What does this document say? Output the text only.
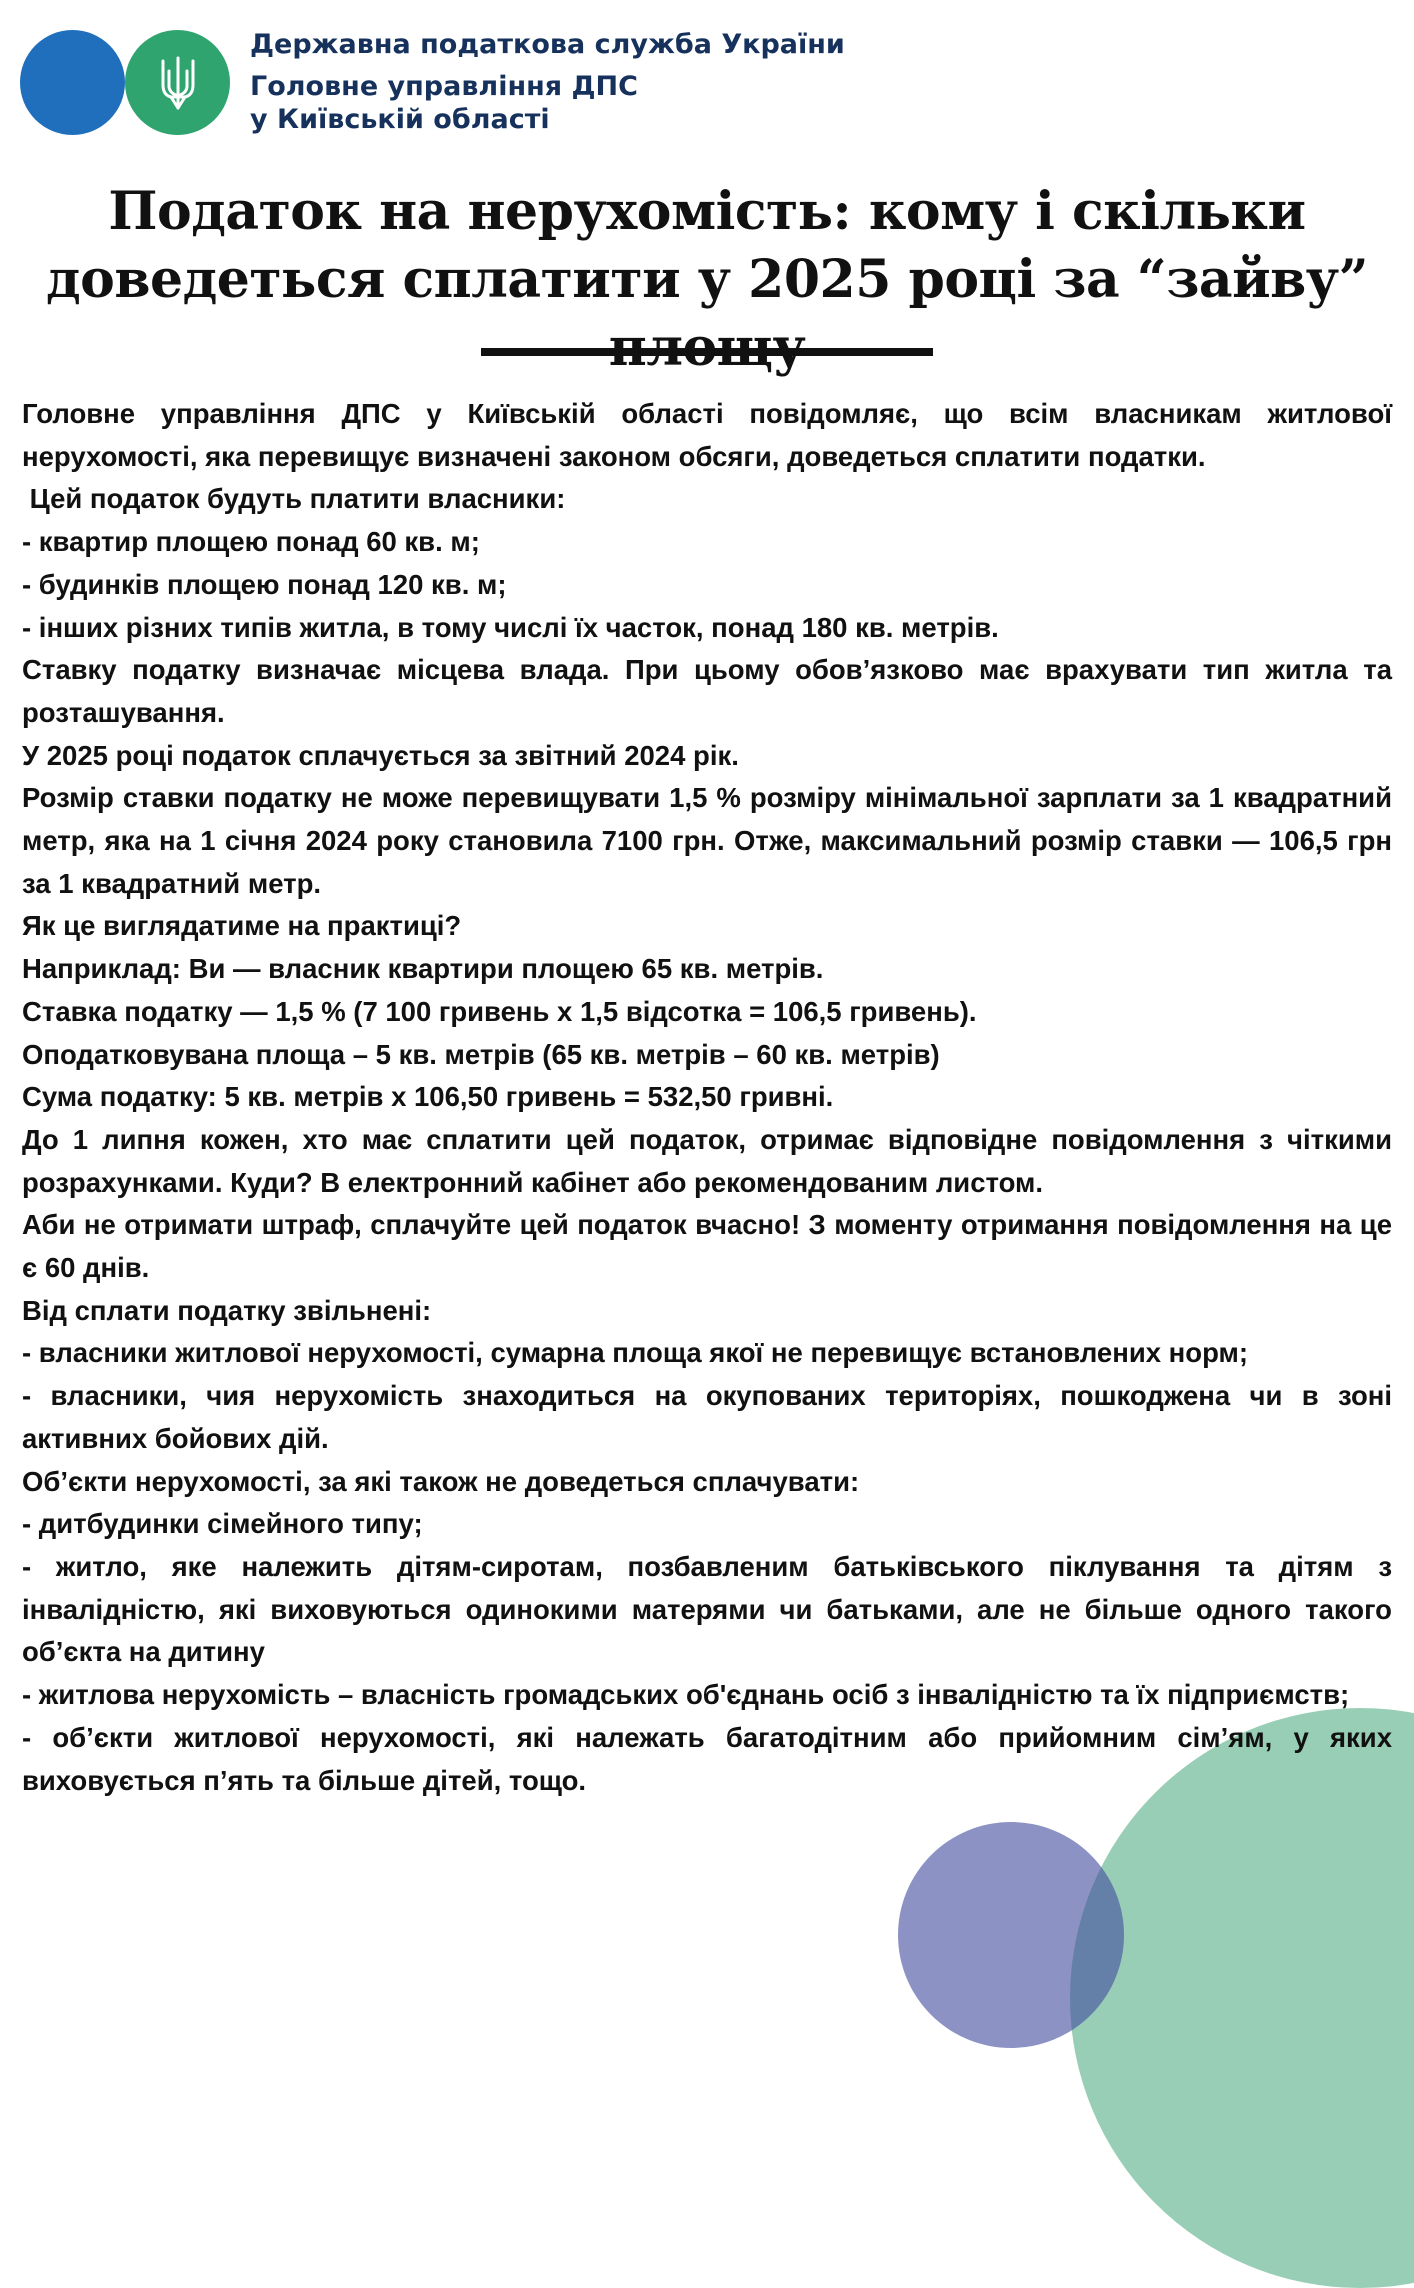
Державна податкова служба України
Головне управління ДПС
у Київській області
Податок на нерухомість: кому і скільки
доведеться сплатити у 2025 році за “зайву”

Головне управління ДПС у Київській області повідомляє, що всім власникам житлової нерухомості, яка перевищує визначені законом обсяги, доведеться сплатити податки.

Цей податок будуть платити власники:

- квартир площею понад 60 кв. м;

- будинків площею понад 120 кв. м;

- інших різних типів житла, в тому числі їх часток, понад 180 кв. метрів.

Ставку податку визначає місцева влада. При цьому обов’язково має врахувати тип житла та розташування.

У 2025 році податок сплачується за звітний 2024 рік.

Розмір ставки податку не може перевищувати 1,5 % розміру мінімальної зарплати за 1 квадратний метр, яка на 1 січня 2024 року становила 7100 грн. Отже, максимальний розмір ставки — 106,5 грн за 1 квадратний метр.

Як це виглядатиме на практиці?

Наприклад: Ви — власник квартири площею 65 кв. метрів.

Ставка податку — 1,5 % (7 100 гривень х 1,5 відсотка = 106,5 гривень).

Оподатковувана площа – 5 кв. метрів (65 кв. метрів – 60 кв. метрів)

Сума податку: 5 кв. метрів х 106,50 гривень = 532,50 гривні.

До 1 липня кожен, хто має сплатити цей податок, отримає відповідне повідомлення з чіткими розрахунками. Куди? В електронний кабінет або рекомендованим листом.

Аби не отримати штраф, сплачуйте цей податок вчасно! З моменту отримання повідомлення на це є 60 днів.

Від сплати податку звільнені:

- власники житлової нерухомості, сумарна площа якої не перевищує встановлених норм;

- власники, чия нерухомість знаходиться на окупованих територіях, пошкоджена чи в зоні активних бойових дій.

Об’єкти нерухомості, за які також не доведеться сплачувати:

- дитбудинки сімейного типу;

- житло, яке належить дітям-сиротам, позбавленим батьківського піклування та дітям з інвалідністю, які виховуються одинокими матерями чи батьками, але не більше одного такого об’єкта на дитину

- житлова нерухомість – власність громадських об'єднань осіб з інвалідністю та їх підприємств;

- об’єкти житлової нерухомості, які належать багатодітним або прийомним сім’ям, у яких виховується п’ять та більше дітей, тощо.
